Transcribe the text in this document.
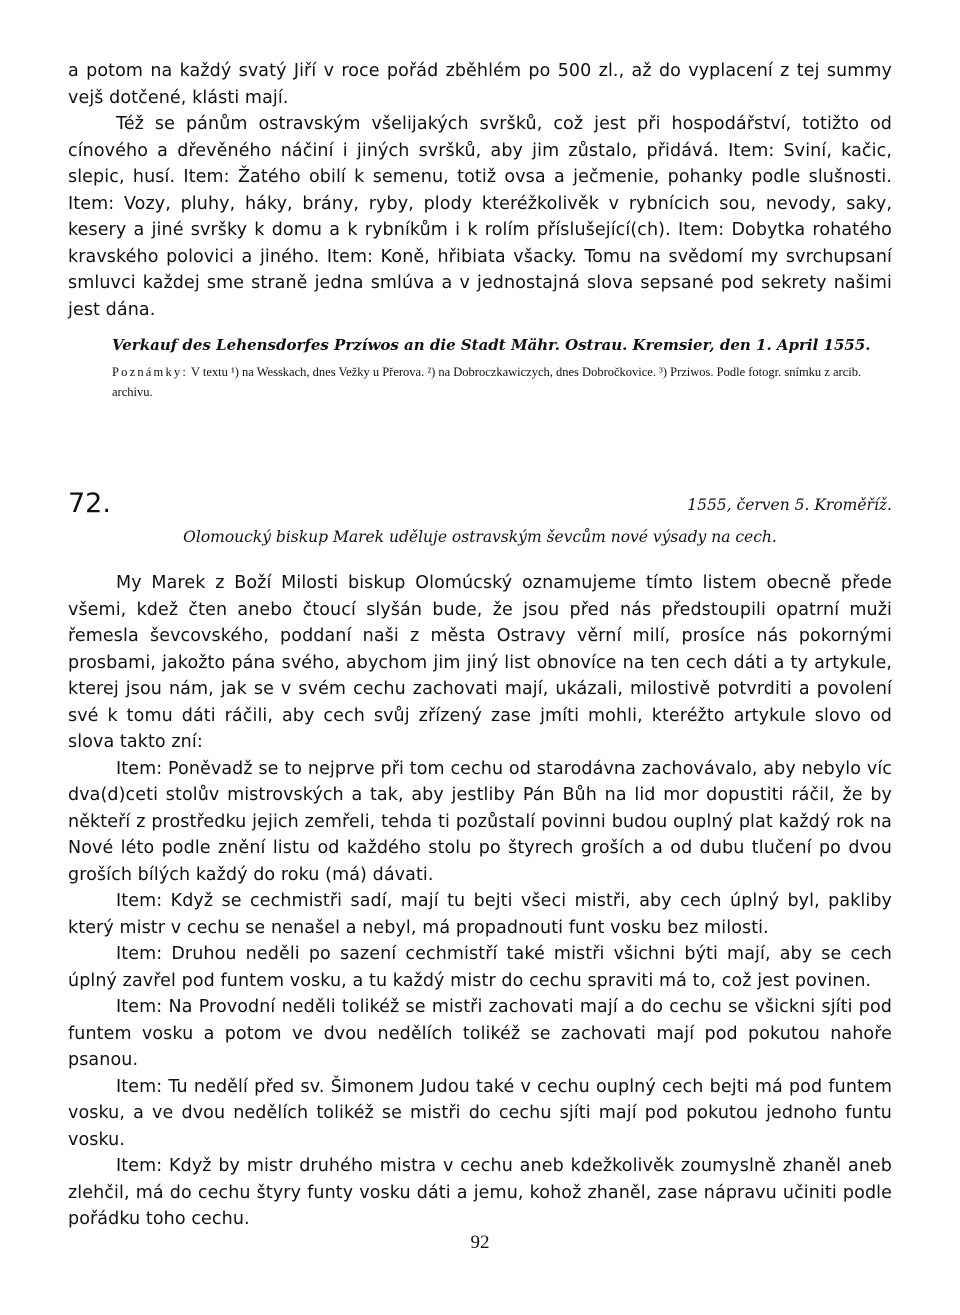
a potom na každý svatý Jiří v roce pořád zběhlém po 500 zl., až do vyplacení z tej summy vejš dotčené, klásti mají.

Též se pánům ostravským všelijakých svršků, což jest při hospodářství, totižto od cínového a dřevěného náčiní i jiných svršků, aby jim zůstalo, přidává. Item: Sviní, kačic, slepic, husí. Item: Žatého obilí k semenu, totiž ovsa a ječmenie, pohanky podle slušnosti. Item: Vozy, pluhy, háky, brány, ryby, plody kteréžkolivěk v rybnícich sou, nevody, saky, kesery a jiné svršky k domu a k rybníkům i k rolím příslušející(ch). Item: Dobytka rohatého kravského polovici a jiného. Item: Koně, hřibiata všacky. Tomu na svědomí my svrchupsaní smluvci každej sme straně jedna smlúva a v jednostajná slova sepsané pod sekrety našimi jest dána.

Verkauf des Lehensdorfes Przíwos an die Stadt Mähr. Ostrau. Kremsier, den 1. April 1555.
Poznámky: V textu ¹) na Wesskach, dnes Vežky u Přerova. ²) na Dobroczkawiczych, dnes Dobročkovice. ³) Prziwos. Podle fotogr. snímku z arcib. archivu.
72.	1555, červen 5. Kroměříž.
Olomoucký biskup Marek uděluje ostravským ševcům nové výsady na cech.

My Marek z Boží Milosti biskup Olomúcský oznamujeme tímto listem obecně přede všemi, kdež čten anebo čtoucí slyšán bude, že jsou před nás předstoupili opatrní muži řemesla ševcovského, poddaní naši z města Ostravy věrní milí, prosíce nás pokornými prosbami, jakožto pána svého, abychom jim jiný list obnovíce na ten cech dáti a ty artykule, kterej jsou nám, jak se v svém cechu zachovati mají, ukázali, milostivě potvrditi a povolení své k tomu dáti ráčili, aby cech svůj zřízený zase jmíti mohli, kteréžto artykule slovo od slova takto zní:

Item: Poněvadž se to nejprve při tom cechu od starodávna zachovávalo, aby nebylo víc dva(d)ceti stolův mistrovských a tak, aby jestliby Pán Bůh na lid mor dopustiti ráčil, že by někteří z prostředku jejich zemřeli, tehda ti pozůstalí povinni budou ouplný plat každý rok na Nové léto podle znění listu od každého stolu po štyrech groších a od dubu tlučení po dvou groších bílých každý do roku (má) dávati.

Item: Když se cechmistři sadí, mají tu bejti všeci mistři, aby cech úplný byl, pakliby který mistr v cechu se nenašel a nebyl, má propadnouti funt vosku bez milosti.

Item: Druhou neděli po sazení cechmistří také mistři všichni býti mají, aby se cech úplný zavřel pod funtem vosku, a tu každý mistr do cechu spraviti má to, což jest povinen.

Item: Na Provodní neděli tolikéž se mistři zachovati mají a do cechu se všickni sjíti pod funtem vosku a potom ve dvou nedělích tolikéž se zachovati mají pod pokutou nahoře psanou.

Item: Tu nedělí před sv. Šimonem Judou také v cechu ouplný cech bejti má pod funtem vosku, a ve dvou nedělích tolikéž se mistři do cechu sjíti mají pod pokutou jednoho funtu vosku.

Item: Když by mistr druhého mistra v cechu aneb kdežkolivěk zoumyslně zhaněl aneb zlehčil, má do cechu štyry funty vosku dáti a jemu, kohož zhaněl, zase nápravu učiniti podle pořádku toho cechu.

92
